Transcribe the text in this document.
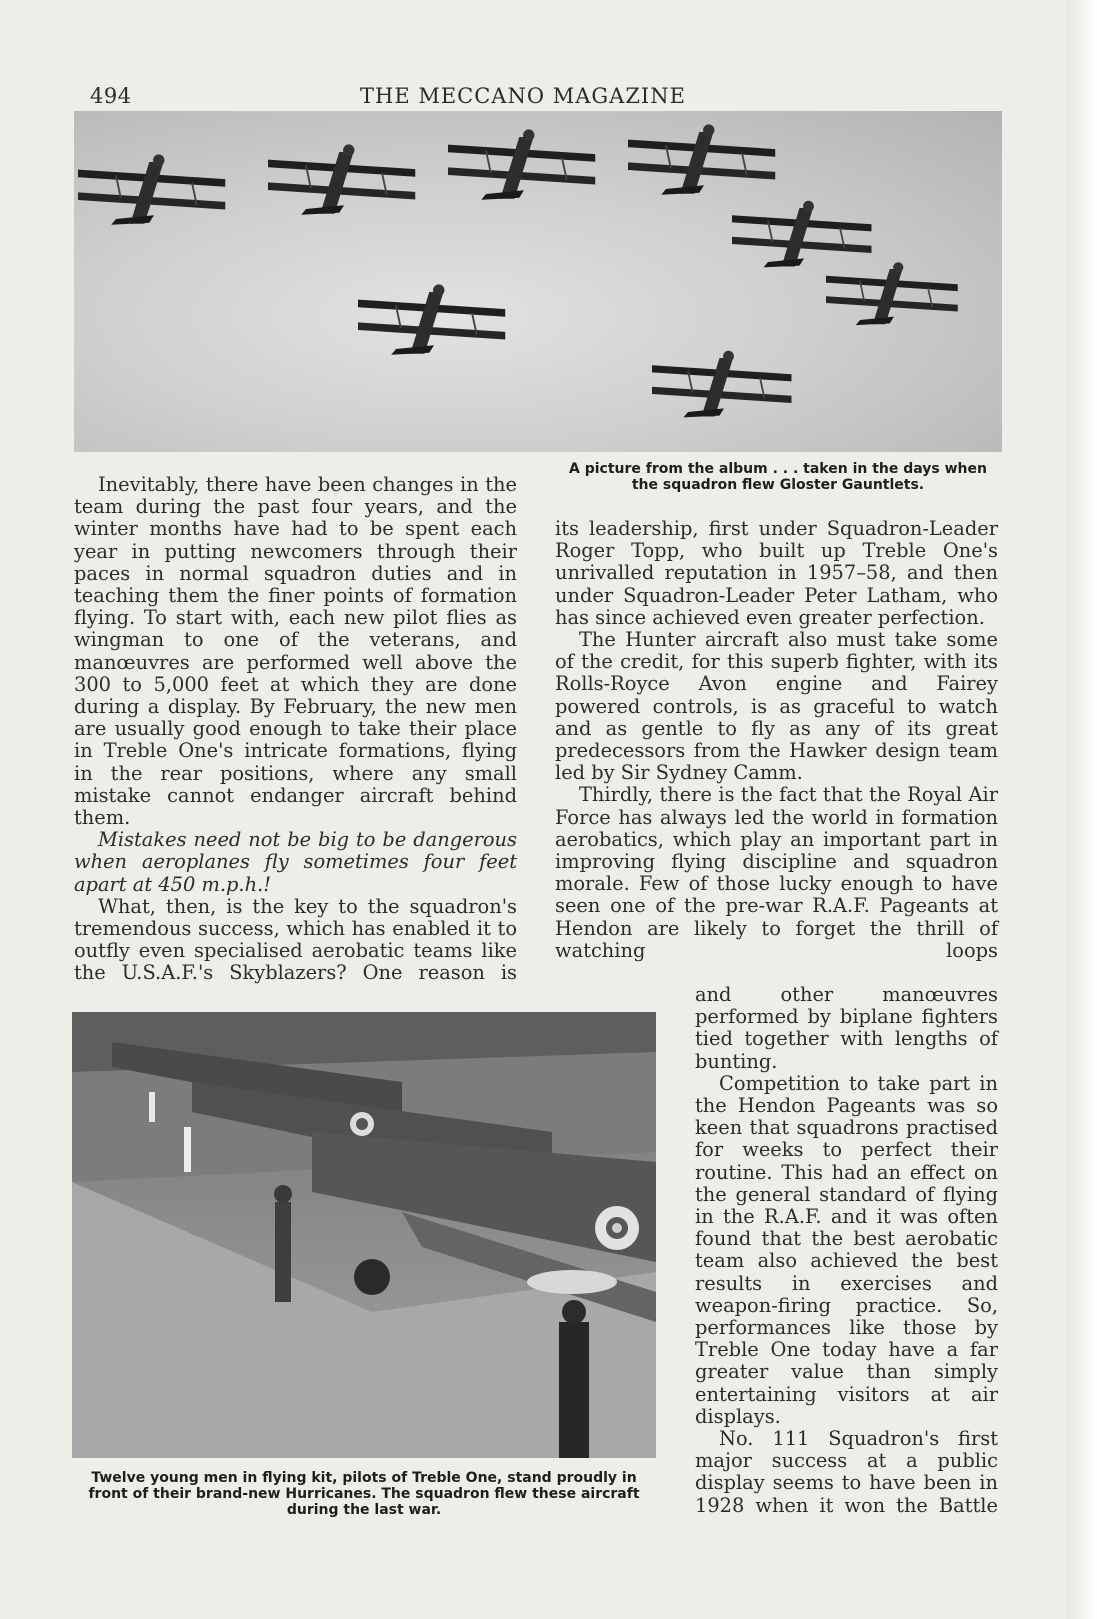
494	THE MECCANO MAGAZINE
A picture from the album . . . taken in the days when
the squadron flew Gloster Gauntlets.

Inevitably, there have been changes in the team during the past four years, and the winter months have had to be spent each year in putting newcomers through their paces in normal squadron duties and in teaching them the finer points of formation flying. To start with, each new pilot flies as wingman to one of the veterans, and manœuvres are performed well above the 300 to 5,000 feet at which they are done during a display. By February, the new men are usually good enough to take their place in Treble One's intricate formations, flying in the rear positions, where any small mistake cannot endanger aircraft behind them.

Mistakes need not be big to be dangerous when aeroplanes fly sometimes four feet apart at 450 m.p.h.!

What, then, is the key to the squadron's tremendous success, which has enabled it to outfly even specialised aerobatic teams like the U.S.A.F.'s Skyblazers? One reason is

its leadership, first under Squadron-Leader Roger Topp, who built up Treble One's unrivalled reputation in 1957–58, and then under Squadron-Leader Peter Latham, who has since achieved even greater perfection.

The Hunter aircraft also must take some of the credit, for this superb fighter, with its Rolls-Royce Avon engine and Fairey powered controls, is as graceful to watch and as gentle to fly as any of its great predecessors from the Hawker design team led by Sir Sydney Camm.

Thirdly, there is the fact that the Royal Air Force has always led the world in formation aerobatics, which play an important part in improving flying discipline and squadron morale. Few of those lucky enough to have seen one of the pre-war R.A.F. Pageants at Hendon are likely to forget the thrill of watching loops

Twelve young men in flying kit, pilots of Treble One, stand proudly in
front of their brand-new Hurricanes. The squadron flew these aircraft
during the last war.

and other manœuvres performed by biplane fighters tied together with lengths of bunting.

Competition to take part in the Hendon Pageants was so keen that squadrons practised for weeks to perfect their routine. This had an effect on the general standard of flying in the R.A.F. and it was often found that the best aerobatic team also achieved the best results in exercises and weapon-firing practice. So, performances like those by Treble One today have a far greater value than simply entertaining visitors at air displays.

No. 111 Squadron's first major success at a public display seems to have been in 1928 when it won the Battle
